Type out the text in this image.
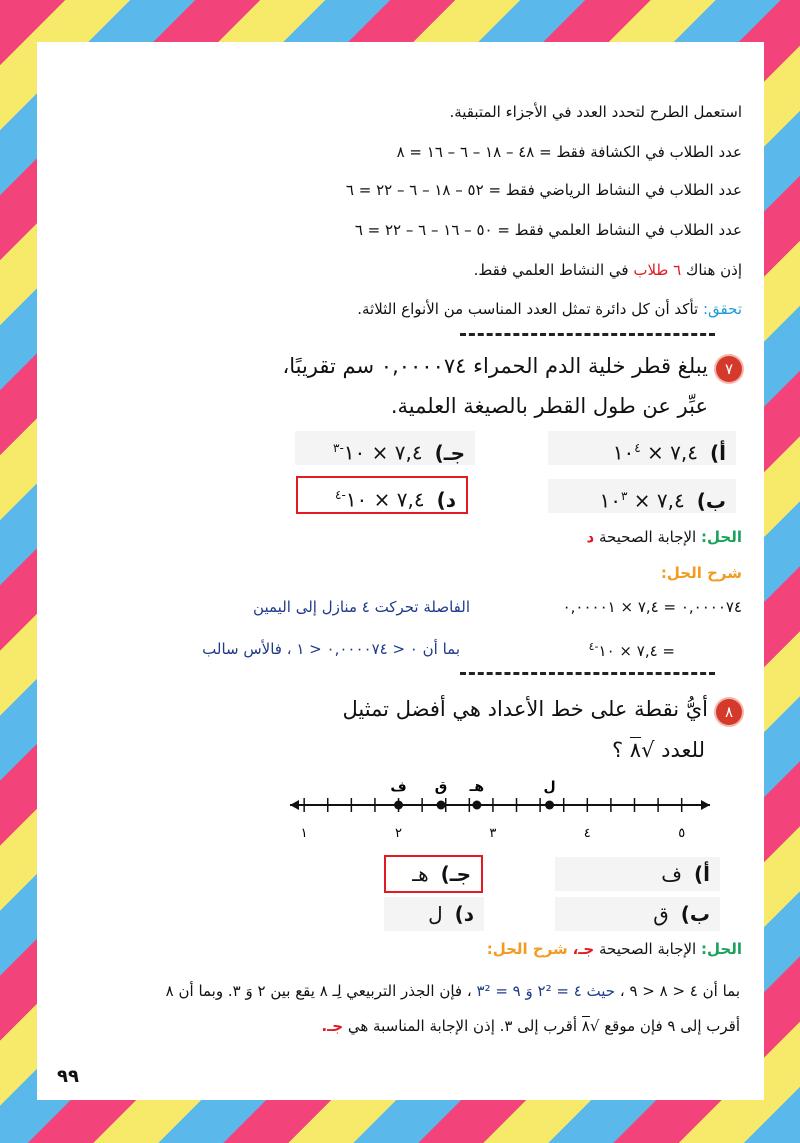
استعمل الطرح لتحدد العدد في الأجزاء المتبقية.
عدد الطلاب في الكشافة فقط = ٤٨ – ١٨ – ٦ – ١٦ = ٨
عدد الطلاب في النشاط الرياضي فقط = ٥٢ – ١٨ – ٦ – ٢٢ = ٦
عدد الطلاب في النشاط العلمي فقط = ٥٠ – ١٦ – ٦ – ٢٢ = ٦
إذن هناك ٦ طلاب في النشاط العلمي فقط.
تحقق: تأكد أن كل دائرة تمثل العدد المناسب من الأنواع الثلاثة.
٧يبلغ قطر خلية الدم الحمراء ٠,٠٠٠٠٧٤ سم تقريبًا،
عبِّر عن طول القطر بالصيغة العلمية.
أ)٧,٤ × $١٠^٤$
جـ)٧,٤ × $١٠^{-٣}$
ب)٧,٤ × $١٠^٣$
د)٧,٤ × $١٠^{-٤}$
الحل: الإجابة الصحيحة د
شرح الحل:
٠,٠٠٠٠٧٤ = ٧,٤ × ٠,٠٠٠٠١
الفاصلة تحركت ٤ منازل إلى اليمين
= ٧,٤ × $١٠^{-٤}$
بما أن ٠ < ٠,٠٠٠٠٧٤ < ١ ، فالأس سالب
٨أيُّ نقطة على خط الأعداد هي أفضل تمثيل
للعدد √٨ ؟
١	٢	٣	٤	٥
ف ق هـ	ل
أ)ف
جـ)هـ
ب)ق
د)ل
الحل: الإجابة الصحيحة جـ، شرح الحل:
بما أن ٤ < ٨ < ٩ ، حيث ٤ = ٢² وَ ٩ = ٣² ، فإن الجذر التربيعي لِـ ٨ يقع بين ٢ وَ ٣. وبما أن ٨
أقرب إلى ٩ فإن موقع √٨ أقرب إلى ٣. إذن الإجابة المناسبة هي جـ.
٩٩
